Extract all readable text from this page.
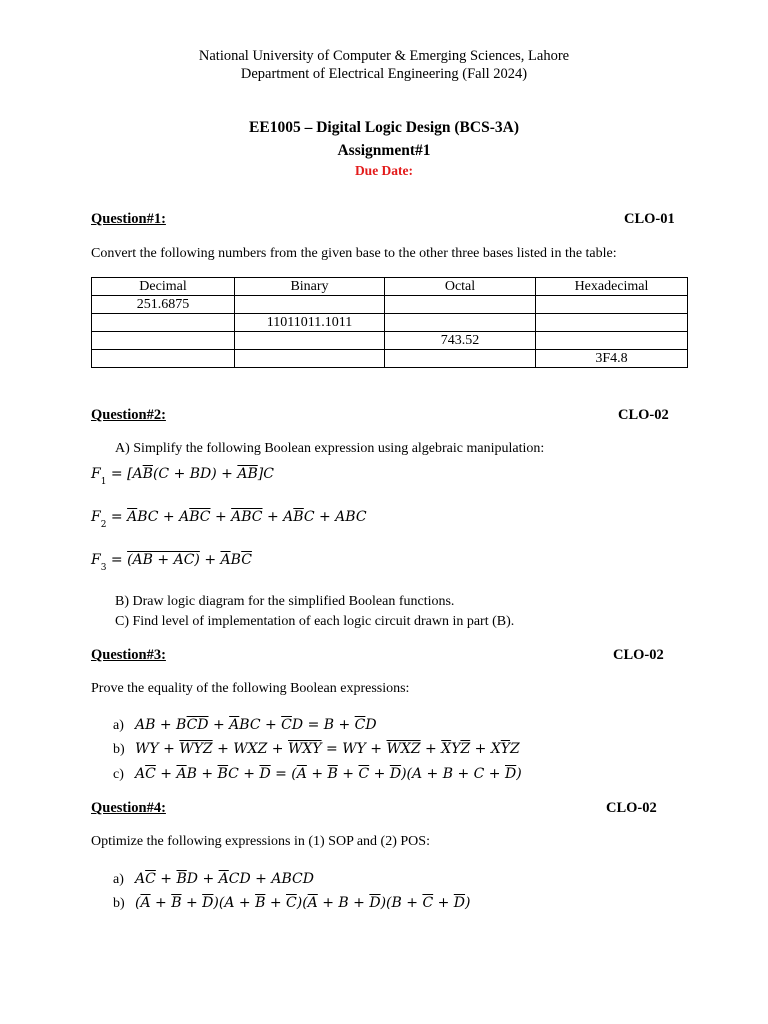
National University of Computer & Emerging Sciences, Lahore
Department of Electrical Engineering (Fall 2024)
EE1005 – Digital Logic Design (BCS-3A)
Assignment#1
Due Date:
Question#1:	CLO-01
Convert the following numbers from the given base to the other three bases listed in the table:
Decimal	Binary	Octal	Hexadecimal
251.6875			
	11011011.1011		
		743.52	
			3F4.8
Question#2:	CLO-02
A) Simplify the following Boolean expression using algebraic manipulation:
$F_1 = [A\overline{B}(C + BD) + \overline{AB}]C$
$F_2 = \overline{A}BC + A\overline{BC} + \overline{ABC} + A\overline{B}C$ + ABC
$F_3 = (AB + AC) + \overline{A}B\overline{C}$
B) Draw logic diagram for the simplified Boolean functions.
C) Find level of implementation of each logic circuit drawn in part (B).
Question#3:	CLO-02
Prove the equality of the following Boolean expressions:
a) AB + $B\overline{CD} + \overline{A}BC + \overline{C}D = B + \overline{C}D$
b) WY + $\overline{WYZ}$ + WXZ + $\overline{WXY}$ = WY + $\overline{WXZ} + \overline{X}Y\overline{Z} + X\overline{Y}Z$
c) $A\overline{C} + \overline{A}B + \overline{B}C + \overline{D} = (\overline{A} + \overline{B} + \overline{C} + \overline{D})(A + B + C + \overline{D})$
Question#4:	CLO-02
Optimize the following expressions in (1) SOP and (2) POS:
a) $A\overline{C} + \overline{B}D + \overline{A}CD$ + ABCD
b) $(\overline{A} + \overline{B} + \overline{D})(A + \overline{B} + \overline{C})(\overline{A} + B + \overline{D})(B + \overline{C} + \overline{D})$
